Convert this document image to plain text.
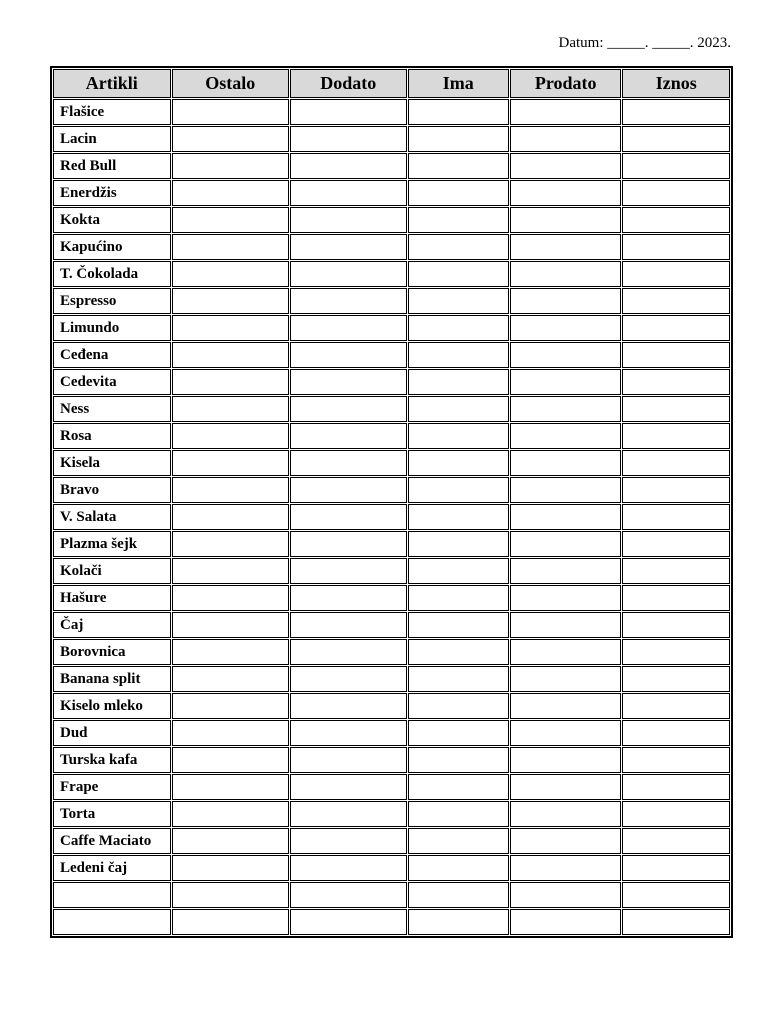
Datum: _____. _____. 2023.
Artikli	Ostalo	Dodato	Ima	Prodato	Iznos
Flašice					
Lacin					
Red Bull					
Enerdžis					
Kokta					
Kapućino					
T. Čokolada					
Espresso					
Limundo					
Ceđena					
Cedevita					
Ness					
Rosa					
Kisela					
Bravo					
V. Salata					
Plazma šejk					
Kolači					
Hašure					
Čaj					
Borovnica					
Banana split					
Kiselo mleko					
Dud					
Turska kafa					
Frape					
Torta					
Caffe Maciato					
Ledeni čaj					
